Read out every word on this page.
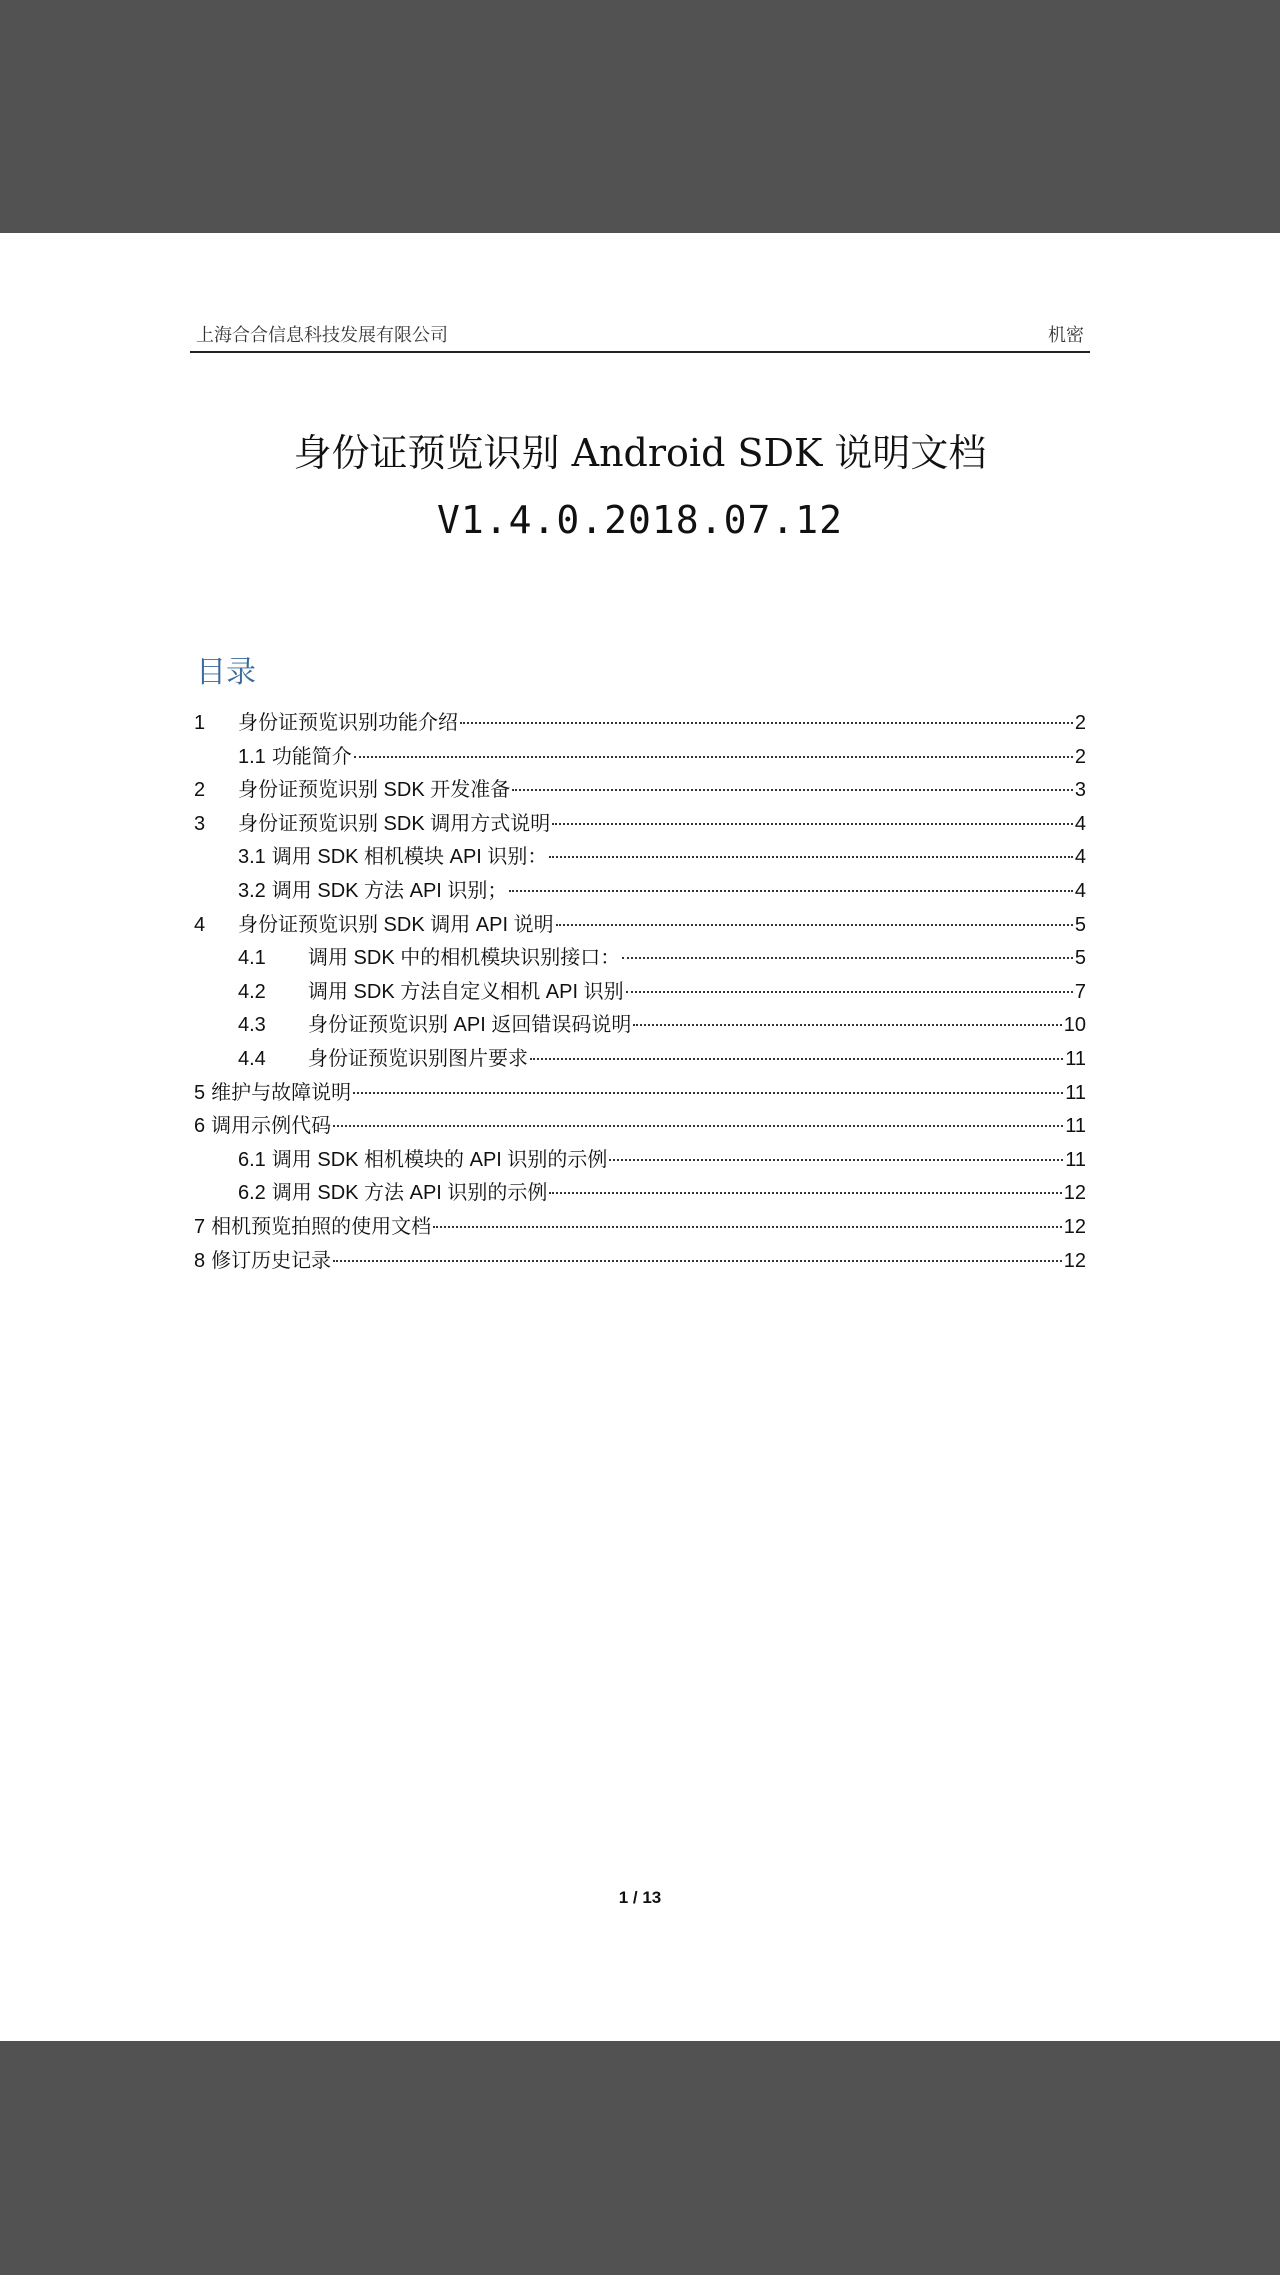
上海合合信息科技发展有限公司	机密
身份证预览识别 Android SDK 说明文档
V1.4.0.2018.07.12
目录
1	身份证预览识别功能介绍	2
1.1 功能简介	2
2	身份证预览识别 SDK 开发准备	3
3	身份证预览识别 SDK 调用方式说明	4
3.1 调用 SDK 相机模块 API 识别：	4
3.2 调用 SDK 方法 API 识别；	4
4	身份证预览识别 SDK 调用 API 说明	5
4.1	调用 SDK 中的相机模块识别接口：	5
4.2	调用 SDK 方法自定义相机 API 识别	7
4.3	身份证预览识别 API 返回错误码说明	10
4.4	身份证预览识别图片要求	11
5 维护与故障说明	11
6 调用示例代码	11
6.1 调用 SDK 相机模块的 API 识别的示例	11
6.2 调用 SDK 方法 API 识别的示例	12
7 相机预览拍照的使用文档	12
8 修订历史记录	12
1 / 13
